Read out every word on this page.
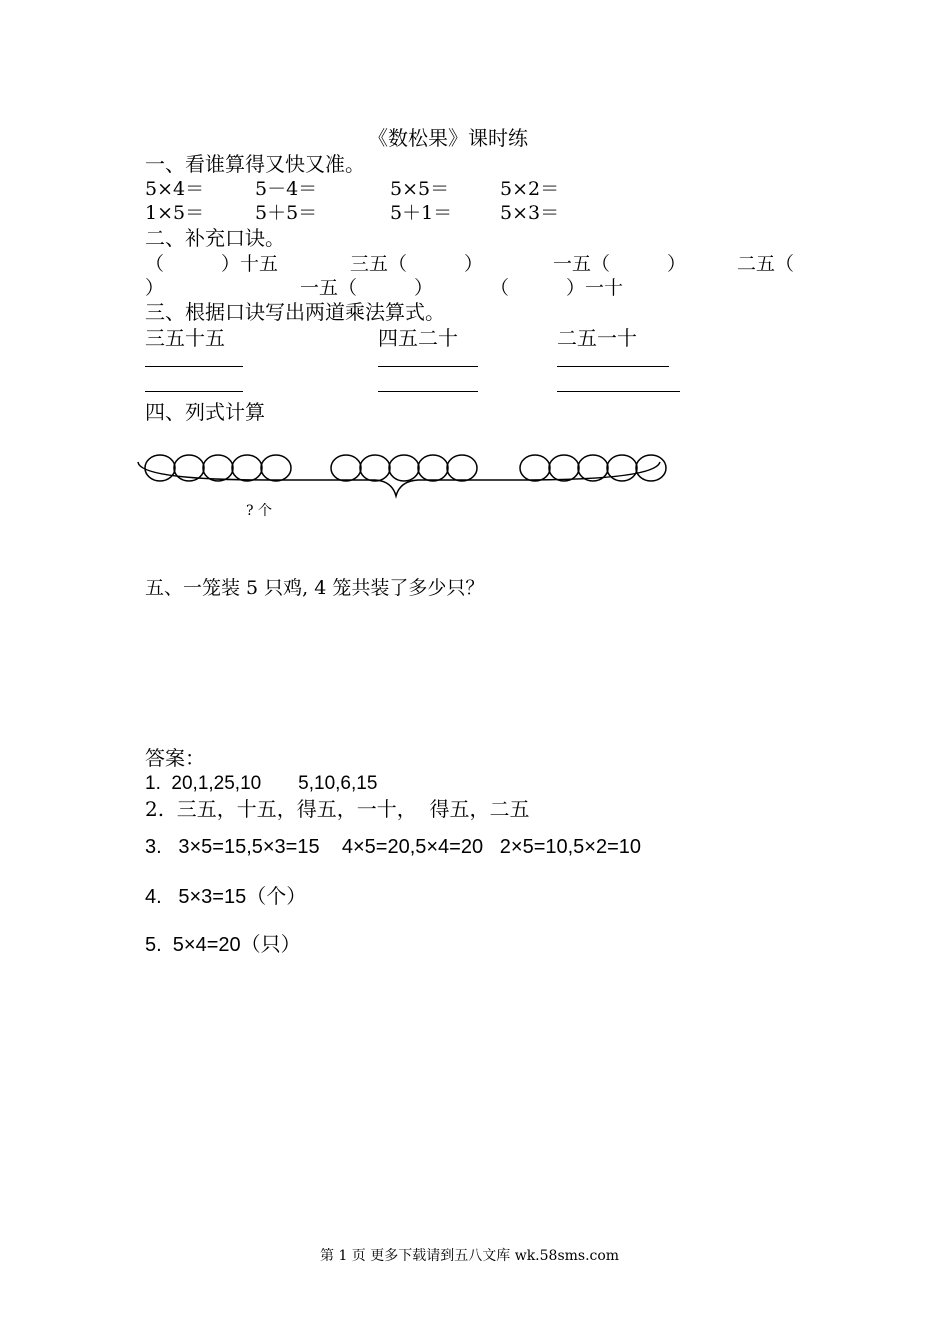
《数松果》课时练
一、看谁算得又快又准。
5×4＝	5－4＝	5×5＝	5×2＝
1×5＝	5＋5＝	5＋1＝	5×3＝
二、补充口诀。
（　　　）十五	三五（　　　）	一五（　　　）	二五（
）	一五（　　　）	（　　　）一十
三、根据口诀写出两道乘法算式。
三五十五	四五二十	二五一十
四、列式计算
? 个
五、一笼装 5 只鸡, 4 笼共装了多少只？
答案：
1.  20,1,25,10       5,10,6,15
2.  三五，十五，得五，一十，  得五，二五
3.   3×5=15,5×3=15    4×5=20,5×4=20   2×5=10,5×2=10
4.   5×3=15（个）
5.  5×4=20（只）
第 1 页 更多下载请到五八文库 wk.58sms.com
